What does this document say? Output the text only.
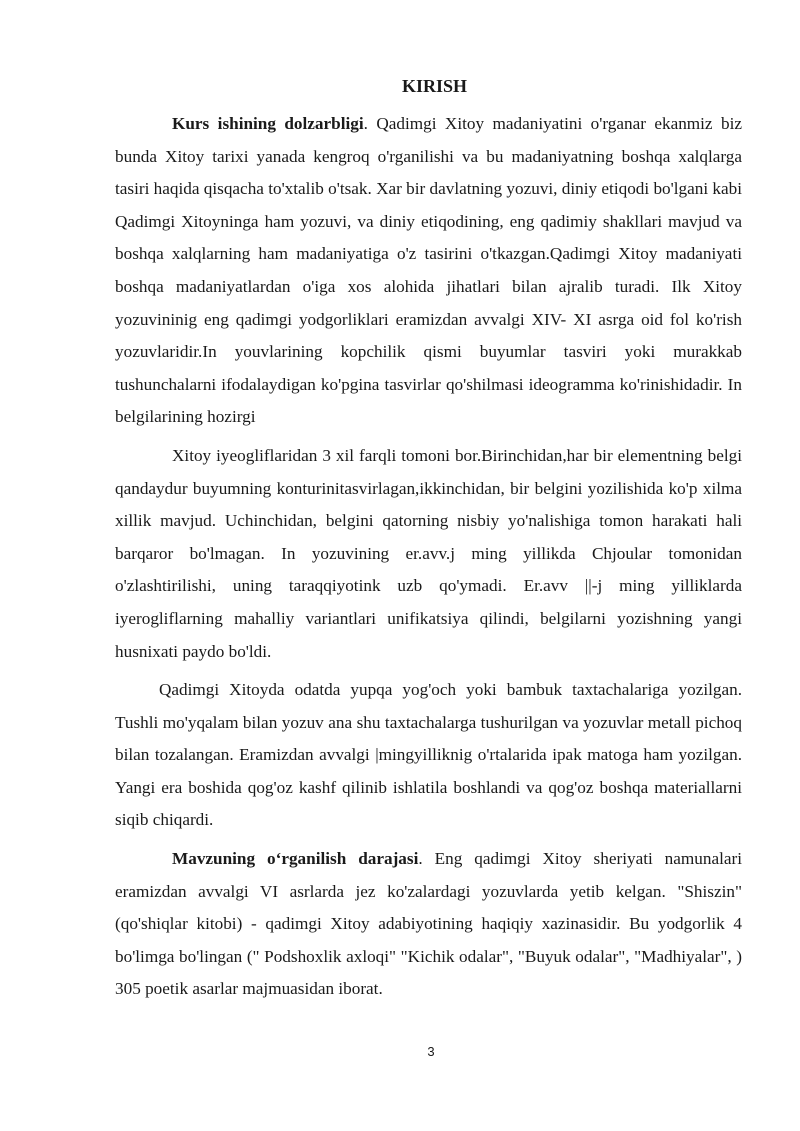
KIRISH

Kurs ishining dolzarbligi. Qadimgi Xitoy madaniyatini o'rganar ekanmiz biz bunda Xitoy tarixi yanada kengroq o'rganilishi va bu madaniyatning boshqa xalqlarga tasiri haqida qisqacha to'xtalib o'tsak. Xar bir davlatning yozuvi, diniy etiqodi bo'lgani kabi Qadimgi Xitoyninga ham yozuvi, va diniy etiqodining, eng qadimiy shakllari mavjud va boshqa xalqlarning ham madaniyatiga o'z tasirini o'tkazgan.Qadimgi Xitoy madaniyati boshqa madaniyatlardan o'iga xos alohida jihatlari bilan ajralib turadi. Ilk Xitoy yozuvininig eng qadimgi yodgorliklari eramizdan avvalgi XIV- XI asrga oid fol ko'rish yozuvlaridir.In youvlarining kopchilik qismi buyumlar tasviri yoki murakkab tushunchalarni ifodalaydigan ko'pgina tasvirlar qo'shilmasi ideogramma ko'rinishidadir. In belgilarining hozirgi

Xitoy iyeogliflaridan 3 xil farqli tomoni bor.Birinchidan,har bir elementning belgi qandaydur buyumning konturinitasvirlagan,ikkinchidan, bir belgini yozilishida ko'p xilma xillik mavjud. Uchinchidan, belgini qatorning nisbiy yo'nalishiga tomon harakati hali barqaror bo'lmagan. In yozuvining er.avv.j ming yillikda Chjoular tomonidan o'zlashtirilishi, uning taraqqiyotink uzb qo'ymadi. Er.avv ||-j ming yilliklarda iyerogliflarning mahalliy variantlari unifikatsiya qilindi, belgilarni yozishning yangi husnixati paydo bo'ldi.

Qadimgi Xitoyda odatda yupqa yog'och yoki bambuk taxtachalariga yozilgan. Tushli mo'yqalam bilan yozuv ana shu taxtachalarga tushurilgan va yozuvlar metall pichoq bilan tozalangan. Eramizdan avvalgi |mingyilliknig o'rtalarida ipak matoga ham yozilgan. Yangi era boshida qog'oz kashf qilinib ishlatila boshlandi va qog'oz boshqa materiallarni siqib chiqardi.

Mavzuning o‘rganilish darajasi. Eng qadimgi Xitoy sheriyati namunalari eramizdan avvalgi VI asrlarda jez ko'zalardagi yozuvlarda yetib kelgan. "Shiszin" (qo'shiqlar kitobi) - qadimgi Xitoy adabiyotining haqiqiy xazinasidir. Bu yodgorlik 4 bo'limga bo'lingan (" Podshoxlik axloqi" "Kichik odalar", "Buyuk odalar", "Madhiyalar", ) 305 poetik asarlar majmuasidan iborat.

3
